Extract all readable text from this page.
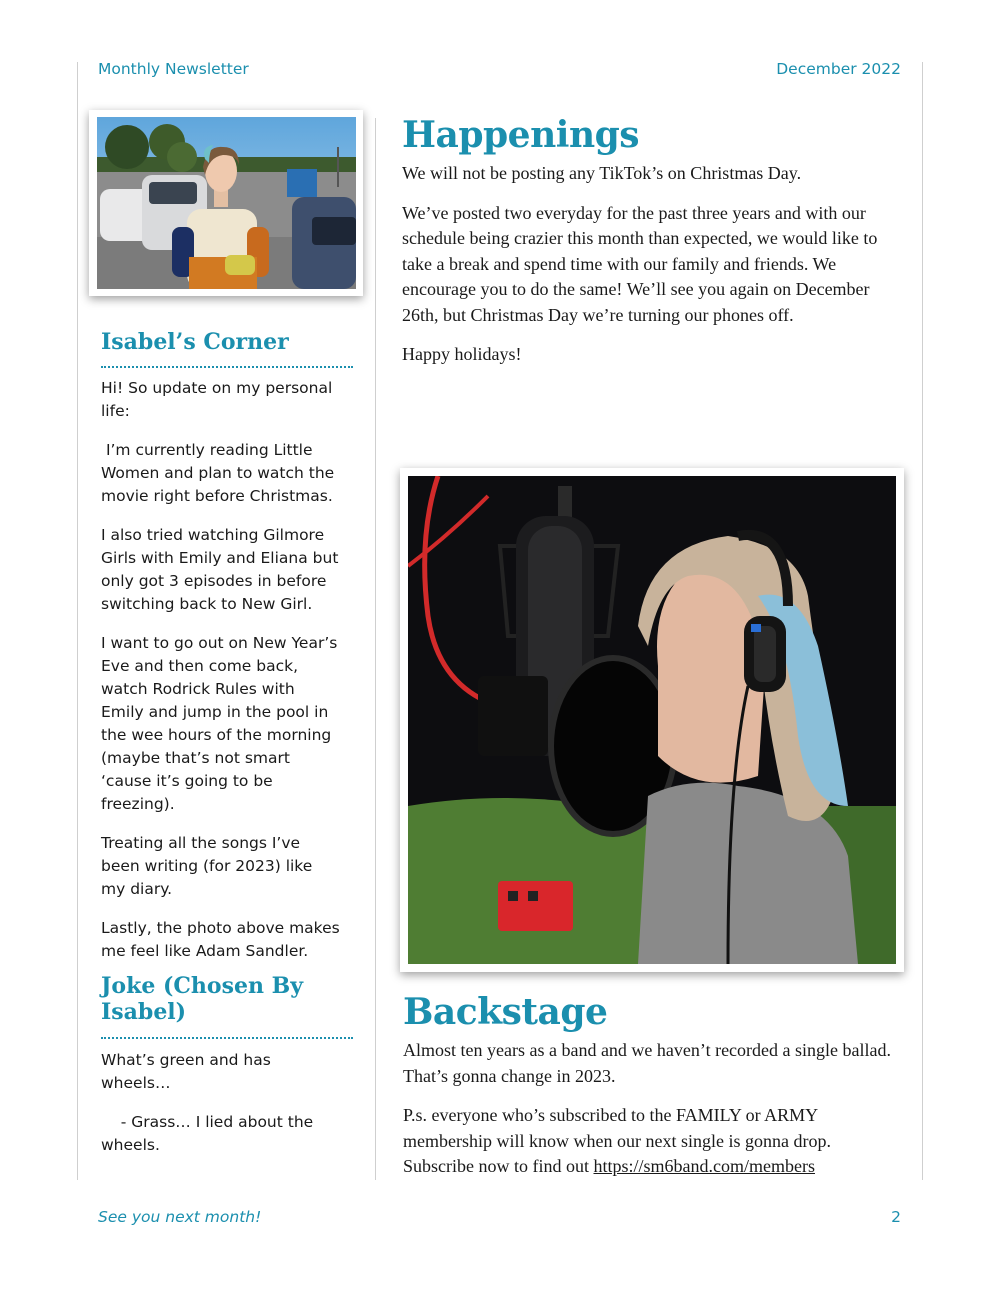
Monthly Newsletter	December 2022
Isabel’s Corner

Hi! So update on my personal life:

I’m currently reading Little Women and plan to watch the movie right before Christmas.

I also tried watching Gilmore Girls with Emily and Eliana but only got 3 episodes in before switching back to New Girl.

I want to go out on New Year’s Eve and then come back, watch Rodrick Rules with Emily and jump in the pool in the wee hours of the morning (maybe that’s not smart ‘cause it’s going to be freezing).

Treating all the songs I’ve been writing (for 2023) like my diary.

Lastly, the photo above makes me feel like Adam Sandler.

Joke (Chosen By Isabel)

What’s green and has wheels…

- Grass… I lied about the wheels.

Happenings

We will not be posting any TikTok’s on Christmas Day.

We’ve posted two everyday for the past three years and with our schedule being crazier this month than expected, we would like to take a break and spend time with our family and friends. We encourage you to do the same! We’ll see you again on December 26th, but Christmas Day we’re turning our phones off.

Happy holidays!

Backstage

Almost ten years as a band and we haven’t recorded a single ballad. That’s gonna change in 2023.

P.s. everyone who’s subscribed to the FAMILY or ARMY membership will know when our next single is gonna drop. Subscribe now to find out https://sm6band.com/members

See you next month!	2
